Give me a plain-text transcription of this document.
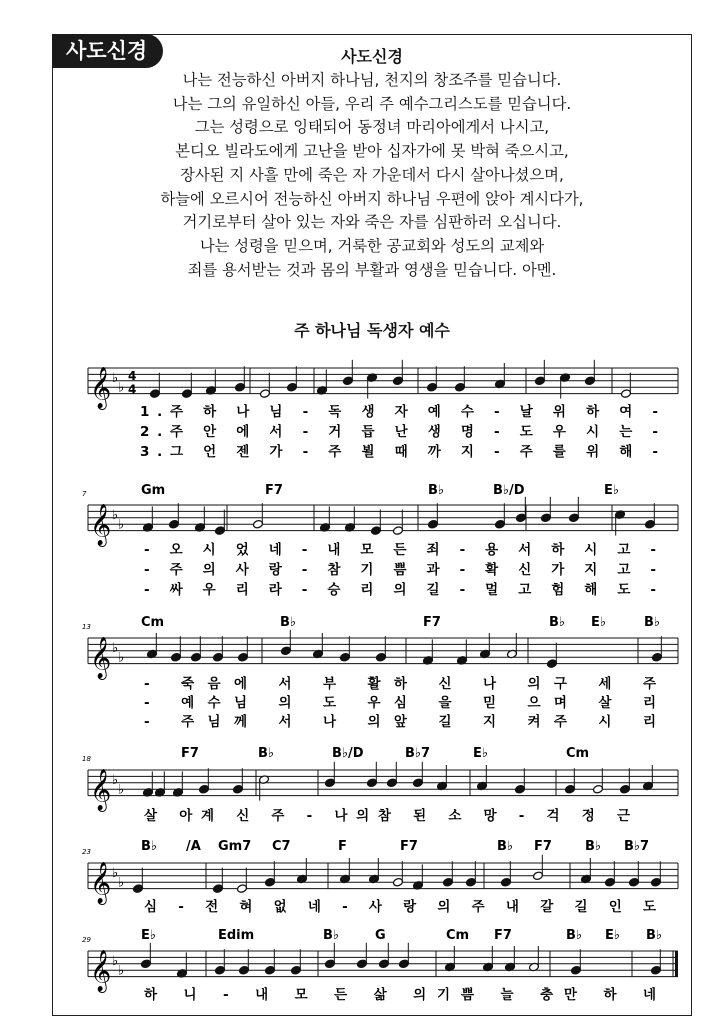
사도신경	사도신경
나는 전능하신 아버지 하나님, 천지의 창조주를 믿습니다.
나는 그의 유일하신 아들, 우리 주 예수그리스도를 믿습니다.
그는 성령으로 잉태되어 동정녀 마리아에게서 나시고,
본디오 빌라도에게 고난을 받아 십자가에 못 박혀 죽으시고,
장사된 지 사흘 만에 죽은 자 가운데서 다시 살아나셨으며,
하늘에 오르시어 전능하신 아버지 하나님 우편에 앉아 계시다가,
거기로부터 살아 있는 자와 죽은 자를 심판하러 오십니다.
나는 성령을 믿으며, 거룩한 공교회와 성도의 교제와
죄를 용서받는 것과 몸의 부활과 영생을 믿습니다. 아멘.
주 하나님 독생자 예수
𝄞 ♭
♭
4
4
1.주 하 나 님 - 독 생 자 예 수 - 날 위 하 여 -
2.주 안 에 서 - 거 듭 난 생 명 - 도 우 시 는 -
3.그 언 젠 가 - 주 뵐 때 까 지 - 주 를 위 해 -
𝄞 ♭
♭
7	Gm	F7	B♭	B♭/D	E♭
- 오 시 었 네 - 내 모 든 죄 - 용 서 하 시 고 -
- 주 의 사 랑 - 참 기 쁨 과 - 확 신 가 지 고 -
- 싸 우 리 라 - 승 리 의 길 - 멀 고 험 해 도 -
𝄞 ♭
♭
13	Cm	B♭	F7	B♭ E♭	B♭
- 죽음에 서 부 활하 신 나 의구 세 주
- 예수님 의 도 우심 을 믿 으며 살 리
- 주님께 서 나 의앞 길 지 켜주 시 리
𝄞 ♭
♭
18	F7	B♭	B♭/D	B♭7	E♭	Cm
살 아계 신 주 - 나의참 된 소 망 - 걱 정 근
𝄞 ♭
♭
23	B♭ /A Gm7 C7	F	F7	B♭ F7	B♭ B♭7
심 - 전 혀 없 네 - 사 랑 의 주 내 갈 길 인 도
𝄞 ♭
♭
29	E♭	Edim	B♭	G	Cm F7	B♭ E♭ B♭
하 니 - 내 모 든 삶 의기쁨 늘 충만 하 네
